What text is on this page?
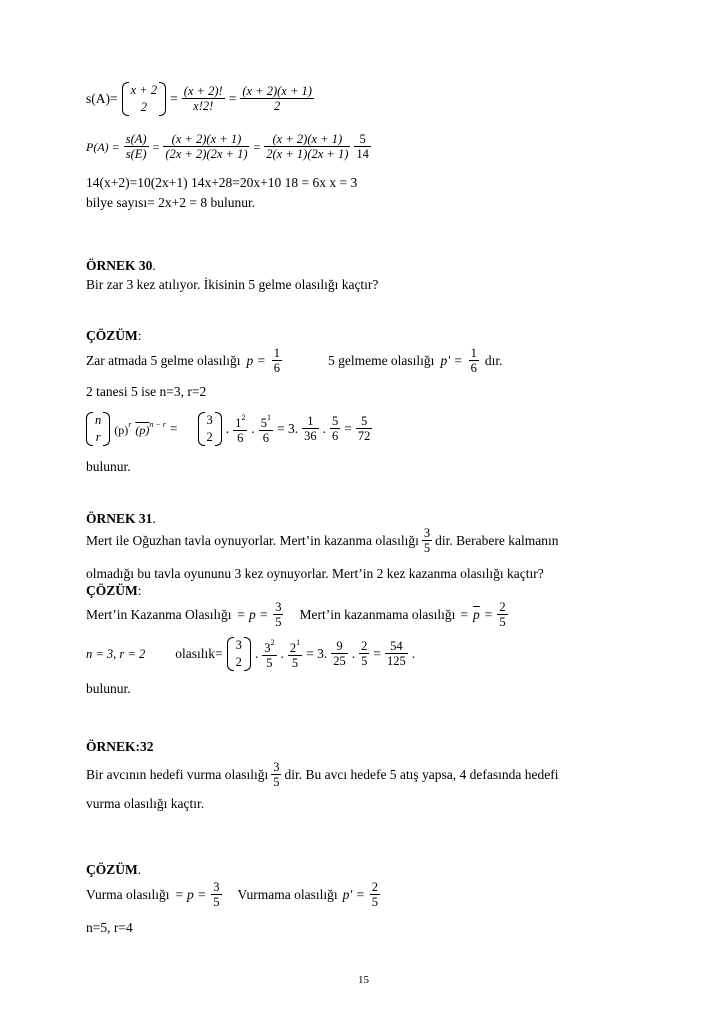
s(A)=
x + 2
2
= $\frac{(x + 2)!}{x!2!} = \frac{(x + 2)(x + 1)}{2}$
$P(A) = \frac{s(A)}{s(E)} = \frac{(x + 2)(x + 1)}{(2x + 2)(2x + 1)} = \frac{(x + 2)(x + 1)}{2(x + 1)(2x + 1)} \frac{5}{14}$
14(x+2)=10(2x+1) 14x+28=20x+10 18 = 6x x = 3
bilye sayısı= 2x+2 = 8 bulunur.
ÖRNEK 30.
Bir zar 3 kez atılıyor. İkisinin 5 gelme olasılığı kaçtır?
ÇÖZÜM:
Zar atmada 5 gelme olasılığı $p = \frac{1}{6}$	5 gelmeme olasılığı $p' = \frac{1}{6}$ dır.
2 tanesi 5 ise n=3, r=2
n
r $(p)^r$ $(p)^{n - r}$ =
3
2
. $\frac{1^2}{6}$ . $\frac{5^1}{6} = 3$. $\frac{1}{36}$ . $\frac{5}{6} = \frac{5}{72}$
bulunur.
ÖRNEK 31.
Mert ile Oğuzhan tavla oynuyorlar. Mert’in kazanma olasılığı $\frac{3}{5}$ dir. Berabere kalmanın
olmadığı bu tavla oyununu 3 kez oynuyorlar. Mert’in 2 kez kazanma olasılığı kaçtır?
ÇÖZÜM:
Mert’in Kazanma Olasılığı = $p = \frac{3}{5}$ Mert’in kazanmama olasılığı = $\overline{p} = \frac{2}{5}$
n = 3, r = 2 olasılık=
3
2
. $\frac{3^2}{5}$ . $\frac{2^1}{5} = 3$. $\frac{9}{25}$ . $\frac{2}{5} = \frac{54}{125}$ .
bulunur.
ÖRNEK:32
Bir avcının hedefi vurma olasılığı $\frac{3}{5}$ dir. Bu avcı hedefe 5 atış yapsa, 4 defasında hedefi
vurma olasılığı kaçtır.
ÇÖZÜM.
Vurma olasılığı = $p = \frac{3}{5}$ Vurmama olasılığı $p' = \frac{2}{5}$
n=5, r=4
15
